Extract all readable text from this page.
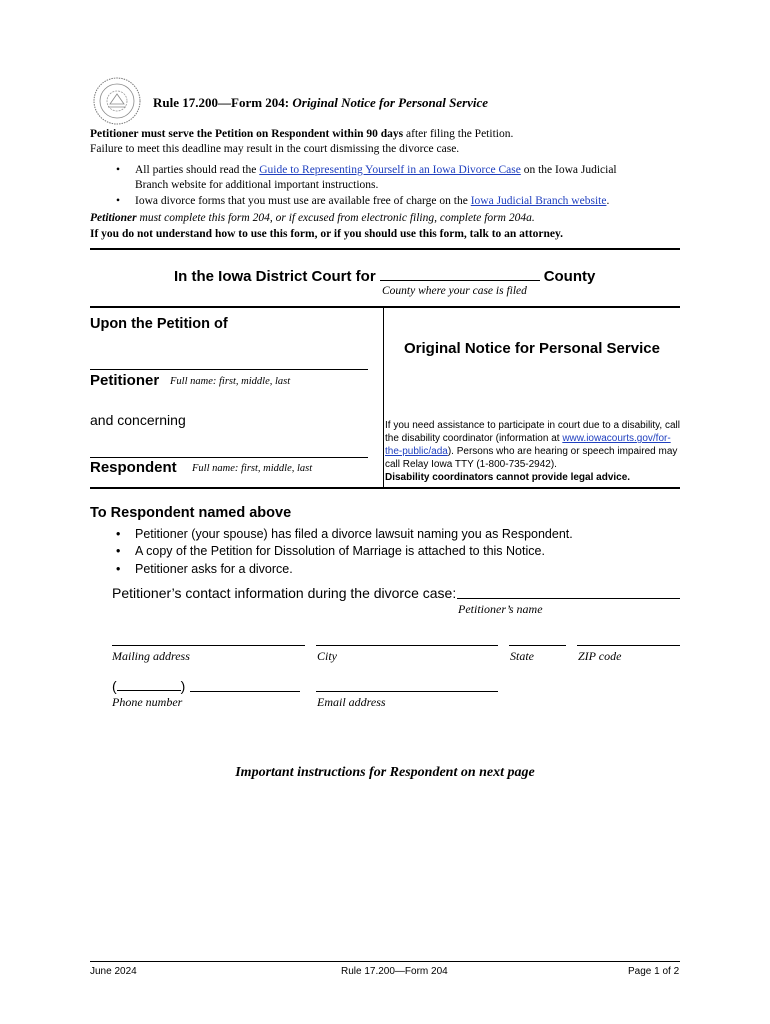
Rule 17.200—Form 204: Original Notice for Personal Service
Petitioner must serve the Petition on Respondent within 90 days after filing the Petition.
Failure to meet this deadline may result in the court dismissing the divorce case.
• All parties should read the Guide to Representing Yourself in an Iowa Divorce Case on the Iowa Judicial
Branch website for additional important instructions.
• Iowa divorce forms that you must use are available free of charge on the Iowa Judicial Branch website.
Petitioner must complete this form 204, or if excused from electronic filing, complete form 204a.
If you do not understand how to use this form, or if you should use this form, talk to an attorney.
In the Iowa District Court for	County
County where your case is filed
Upon the Petition of
Petitioner Full name: first, middle, last
and concerning
Respondent Full name: first, middle, last
Original Notice for Personal Service
If you need assistance to participate in court due to a disability, call the disability coordinator (information at www.iowacourts.gov/for-the-public/ada). Persons who are hearing or speech impaired may call Relay Iowa TTY (1-800-735-2942).
Disability coordinators cannot provide legal advice.
To Respondent named above
• Petitioner (your spouse) has filed a divorce lawsuit naming you as Respondent.
• A copy of the Petition for Dissolution of Marriage is attached to this Notice.
• Petitioner asks for a divorce.
Petitioner’s contact information during the divorce case:
Petitioner’s name
Mailing address	City	State	ZIP code
(	)
Phone number	Email address
Important instructions for Respondent on next page
June 2024	Rule 17.200—Form 204	Page 1 of 2
